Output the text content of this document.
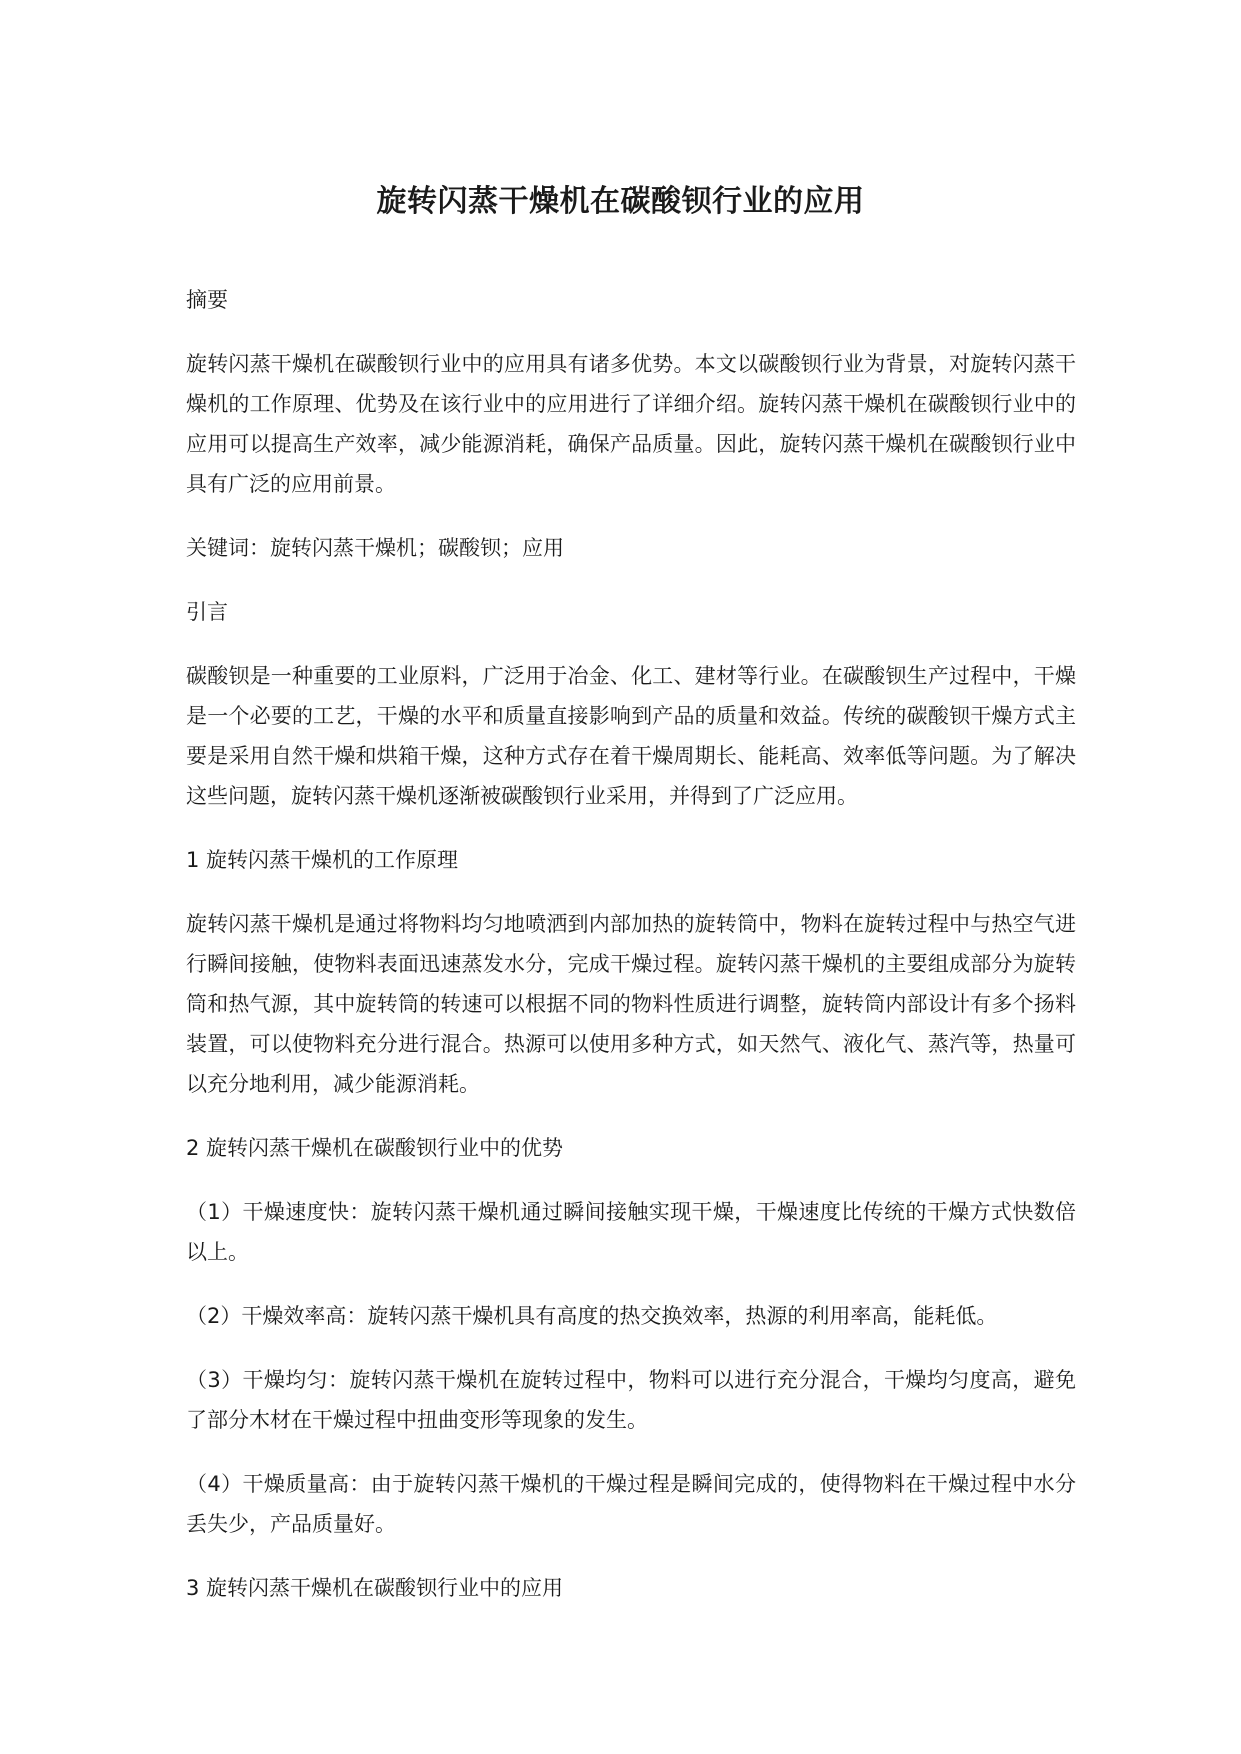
旋转闪蒸干燥机在碳酸钡行业的应用

摘要

旋转闪蒸干燥机在碳酸钡行业中的应用具有诸多优势。本文以碳酸钡行业为背景，对旋转闪蒸干燥机的工作原理、优势及在该行业中的应用进行了详细介绍。旋转闪蒸干燥机在碳酸钡行业中的应用可以提高生产效率，减少能源消耗，确保产品质量。因此，旋转闪蒸干燥机在碳酸钡行业中具有广泛的应用前景。

关键词：旋转闪蒸干燥机；碳酸钡；应用

引言

碳酸钡是一种重要的工业原料，广泛用于冶金、化工、建材等行业。在碳酸钡生产过程中，干燥是一个必要的工艺，干燥的水平和质量直接影响到产品的质量和效益。传统的碳酸钡干燥方式主要是采用自然干燥和烘箱干燥，这种方式存在着干燥周期长、能耗高、效率低等问题。为了解决这些问题，旋转闪蒸干燥机逐渐被碳酸钡行业采用，并得到了广泛应用。

1 旋转闪蒸干燥机的工作原理

旋转闪蒸干燥机是通过将物料均匀地喷洒到内部加热的旋转筒中，物料在旋转过程中与热空气进行瞬间接触，使物料表面迅速蒸发水分，完成干燥过程。旋转闪蒸干燥机的主要组成部分为旋转筒和热气源，其中旋转筒的转速可以根据不同的物料性质进行调整，旋转筒内部设计有多个扬料装置，可以使物料充分进行混合。热源可以使用多种方式，如天然气、液化气、蒸汽等，热量可以充分地利用，减少能源消耗。

2 旋转闪蒸干燥机在碳酸钡行业中的优势

（1）干燥速度快：旋转闪蒸干燥机通过瞬间接触实现干燥，干燥速度比传统的干燥方式快数倍以上。

（2）干燥效率高：旋转闪蒸干燥机具有高度的热交换效率，热源的利用率高，能耗低。

（3）干燥均匀：旋转闪蒸干燥机在旋转过程中，物料可以进行充分混合，干燥均匀度高，避免了部分木材在干燥过程中扭曲变形等现象的发生。

（4）干燥质量高：由于旋转闪蒸干燥机的干燥过程是瞬间完成的，使得物料在干燥过程中水分丢失少，产品质量好。

3 旋转闪蒸干燥机在碳酸钡行业中的应用
